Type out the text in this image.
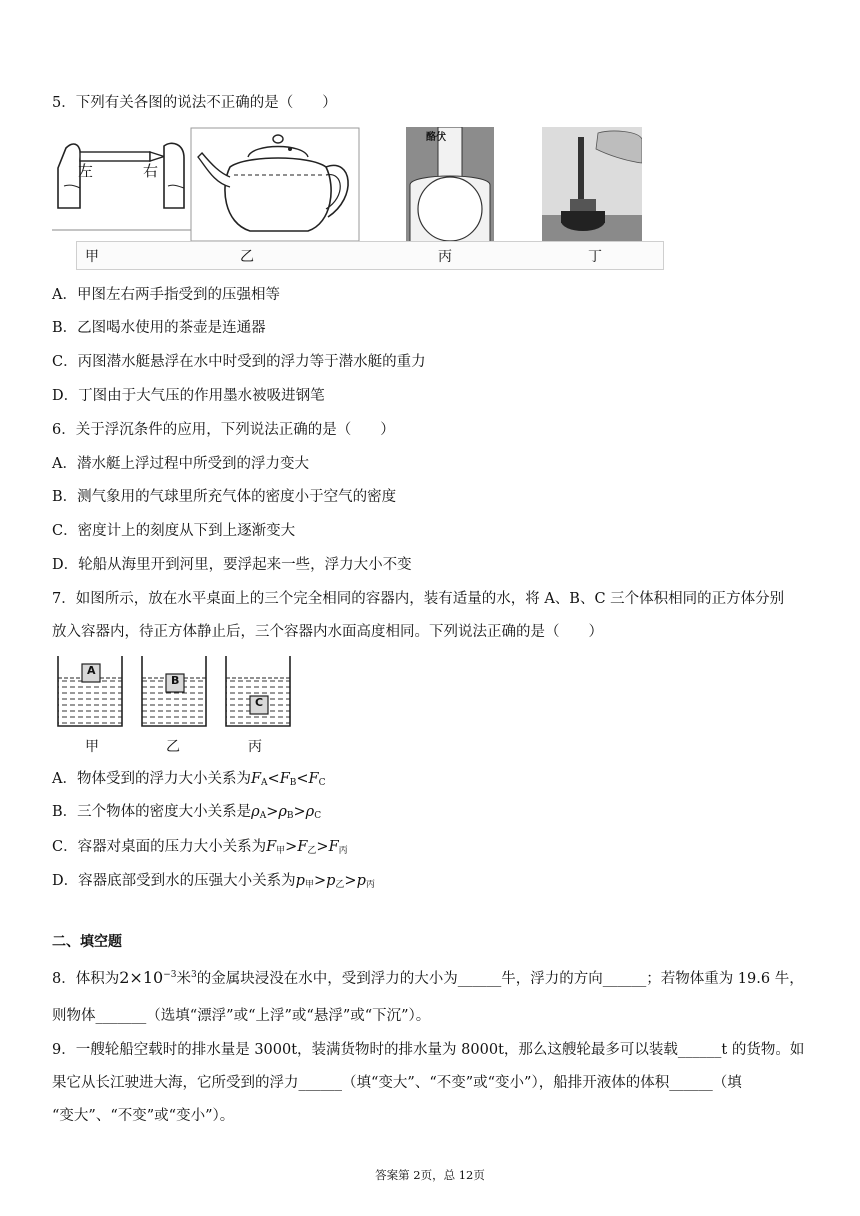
5．下列有关各图的说法不正确的是（　　）
左	右
酪伏
甲	乙	丙	丁
A．甲图左右两手指受到的压强相等
B．乙图喝水使用的茶壶是连通器
C．丙图潜水艇悬浮在水中时受到的浮力等于潜水艇的重力
D．丁图由于大气压的作用墨水被吸进钢笔
6．关于浮沉条件的应用，下列说法正确的是（　　）
A．潜水艇上浮过程中所受到的浮力变大
B．测气象用的气球里所充气体的密度小于空气的密度
C．密度计上的刻度从下到上逐渐变大
D．轮船从海里开到河里，要浮起来一些，浮力大小不变
7．如图所示，放在水平桌面上的三个完全相同的容器内，装有适量的水，将 A、B、C 三个体积相同的正方体分别
放入容器内，待正方体静止后，三个容器内水面高度相同。下列说法正确的是（　　）
A
B
C
甲	乙	丙
A．物体受到的浮力大小关系为$F_A<F_B<F_C$
B．三个物体的密度大小关系是$\rho_A>\rho_B>\rho_C$
C．容器对桌面的压力大小关系为$F_甲>F_乙>F_丙$
D．容器底部受到水的压强大小关系为$p_甲>p_乙>p_丙$
二、填空题
8．体积为$2\times 10^{-3}$米$^3$的金属块浸没在水中，受到浮力的大小为______牛，浮力的方向______；若物体重为 19.6 牛，
则物体_______（选填“漂浮”或“上浮”或“悬浮”或“下沉”）。
9．一艘轮船空载时的排水量是 3000t，装满货物时的排水量为 8000t，那么这艘轮最多可以装载______t 的货物。如
果它从长江驶进大海，它所受到的浮力______（填“变大”、“不变”或“变小”），船排开液体的体积______（填
“变大”、“不变”或“变小”）。
答案第 2页，总 12页
